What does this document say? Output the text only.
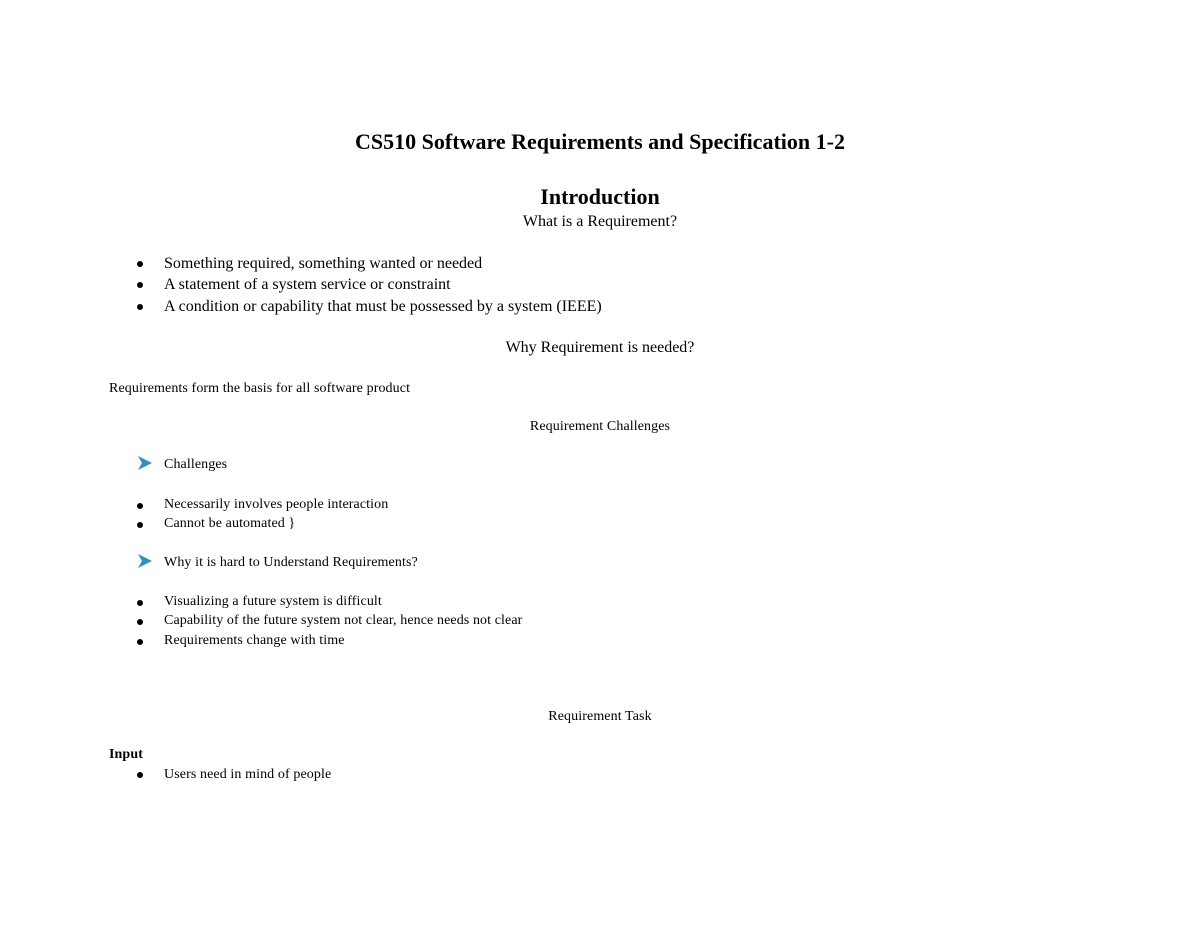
CS510 Software Requirements and Specification 1-2
Introduction
What is a Requirement?
Something required, something wanted or needed
A statement of a system service or constraint
A condition or capability that must be possessed by a system (IEEE)
Why Requirement is needed?
Requirements form the basis for all software product
Requirement Challenges
Challenges
Necessarily involves people interaction
Cannot be automated }
Why it is hard to Understand Requirements?
Visualizing a future system is difficult
Capability of the future system not clear, hence needs not clear
Requirements change with time
Requirement Task
Input
Users need in mind of people
